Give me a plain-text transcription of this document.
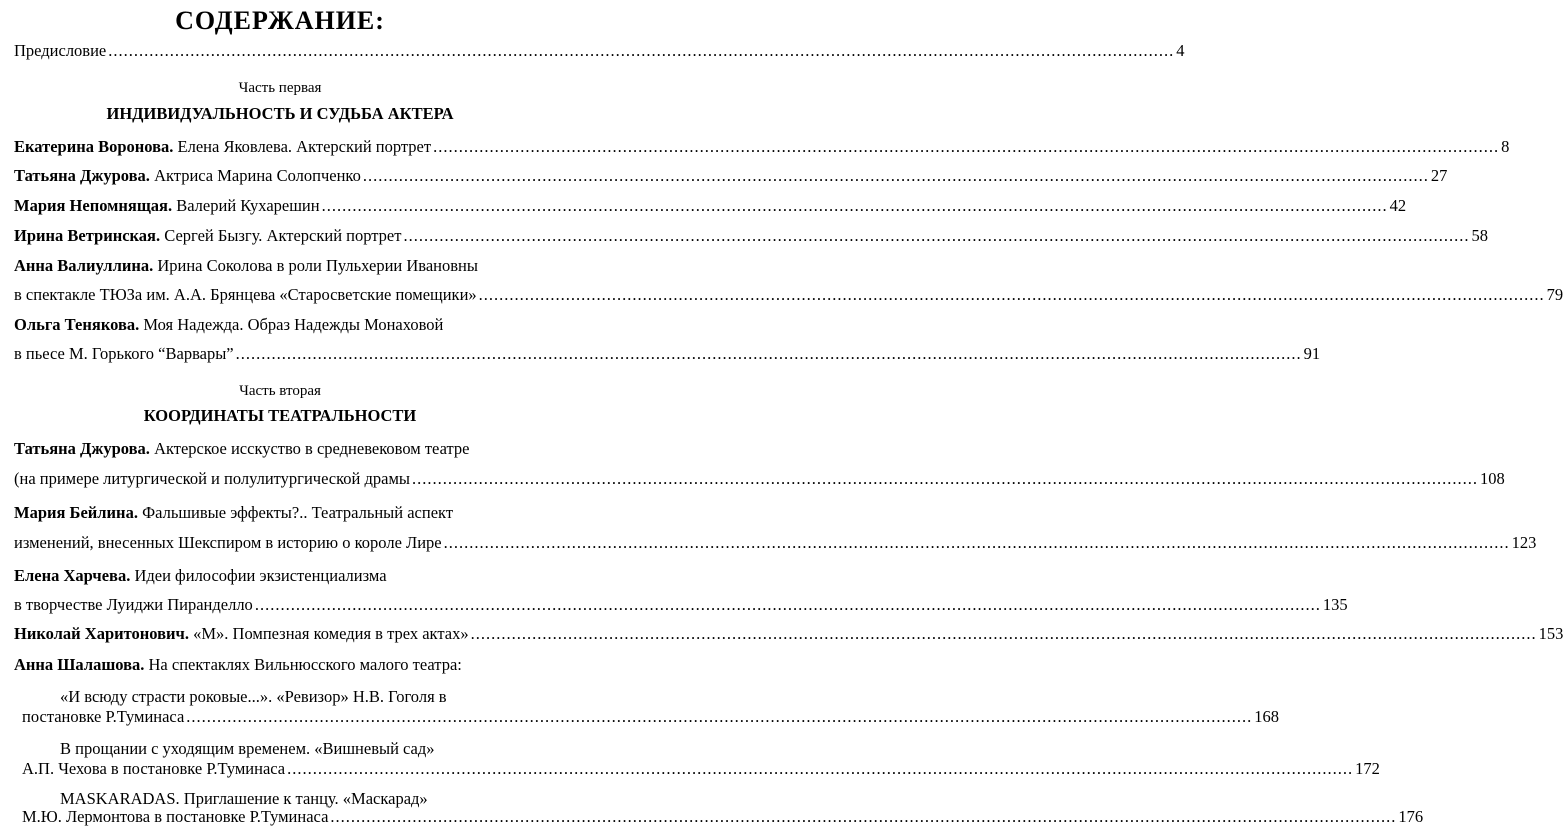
СОДЕРЖАНИЕ:
Предисловие .....	4
Часть первая
ИНДИВИДУАЛЬНОСТЬ И СУДЬБА АКТЕРА
Екатерина Воронова. Елена Яковлева. Актерский портрет .....	8
Татьяна Джурова. Актриса Марина Солопченко .....	27
Мария Непомнящая. Валерий Кухарешин .....	42
Ирина Ветринская. Сергей Бызгу. Актерский портрет .....	58
Анна Валиуллина. Ирина Соколова в роли Пульхерии Ивановны
в спектакле ТЮЗа им. А.А. Брянцева «Старосветские помещики» .....	79
Ольга Тенякова. Моя Надежда. Образ Надежды Монаховой
в пьесе М. Горького “Варвары” .....	91
Часть вторая
КООРДИНАТЫ ТЕАТРАЛЬНОСТИ
Татьяна Джурова. Актерское исскуство в средневековом театре
(на примере литургической и полулитургической драмы .....	108
Мария Бейлина. Фальшивые эффекты?.. Театральный аспект
изменений, внесенных Шекспиром в историю о короле Лире .....	123
Елена Харчева. Идеи философии экзистенциализма
в творчестве Луиджи Пиранделло .....	135
Николай Харитонович. «М». Помпезная комедия в трех актах» .....	153
Анна Шалашова. На спектаклях Вильнюсского малого театра:
«И всюду страсти роковые...». «Ревизор» Н.В. Гоголя в
постановке Р.Туминаса .....	168
В прощании с уходящим временем. «Вишневый сад»
А.П. Чехова в постановке Р.Туминаса .....	172
MASKARADAS. Приглашение к танцу. «Маскарад»
М.Ю. Лермонтова в постановке Р.Туминаса .....	176
